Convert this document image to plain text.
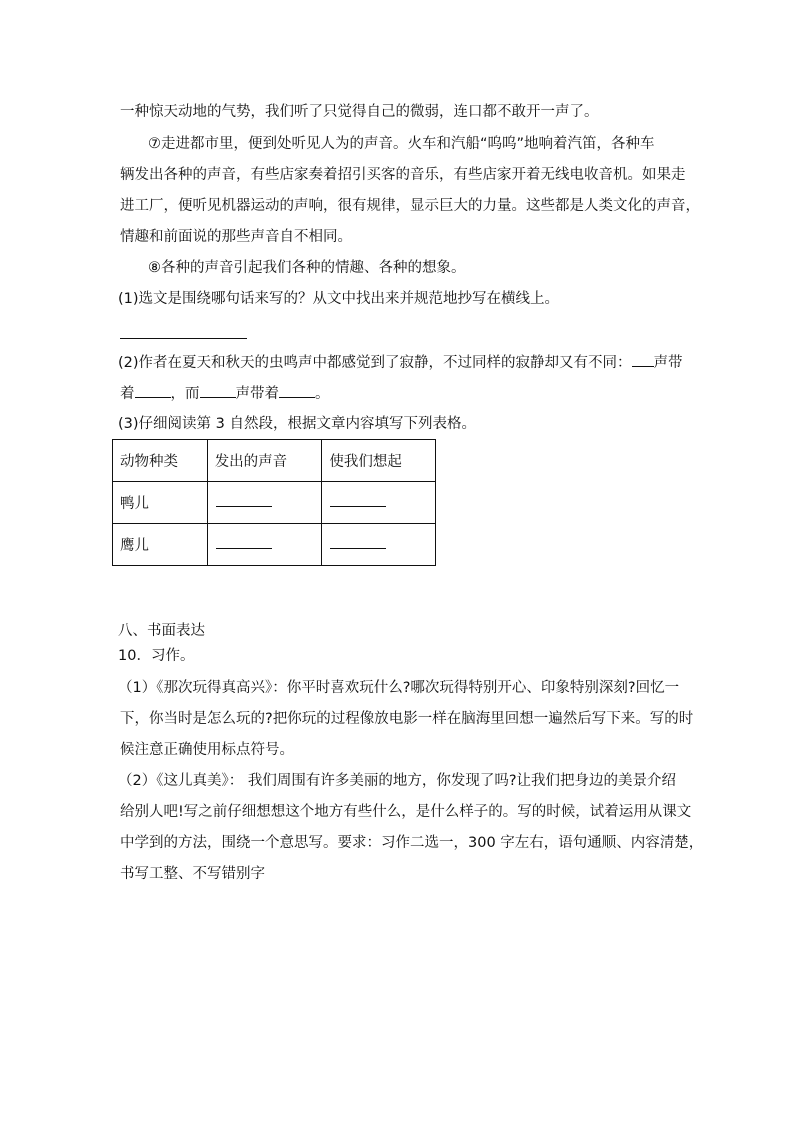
一种惊天动地的气势，我们听了只觉得自己的微弱，连口都不敢开一声了。
⑦走进都市里，便到处听见人为的声音。火车和汽船“呜呜”地响着汽笛，各种车
辆发出各种的声音，有些店家奏着招引买客的音乐，有些店家开着无线电收音机。如果走
进工厂，便听见机器运动的声响，很有规律，显示巨大的力量。这些都是人类文化的声音，
情趣和前面说的那些声音自不相同。
⑧各种的声音引起我们各种的情趣、各种的想象。
(1)选文是围绕哪句话来写的？从文中找出来并规范地抄写在横线上。
(2)作者在夏天和秋天的虫鸣声中都感觉到了寂静，不过同样的寂静却又有不同： 声带
着 ，而 声带着 。
(3)仔细阅读第 3 自然段，根据文章内容填写下列表格。
动物种类	发出的声音	使我们想起
鸭儿		
鹰儿		
八、书面表达
10．习作。
（1）《那次玩得真高兴》：你平时喜欢玩什么?哪次玩得特别开心、印象特别深刻?回忆一
下，你当时是怎么玩的?把你玩的过程像放电影一样在脑海里回想一遍然后写下来。写的时
候注意正确使用标点符号。
（2）《这儿真美》： 我们周围有许多美丽的地方，你发现了吗?让我们把身边的美景介绍
给别人吧!写之前仔细想想这个地方有些什么，是什么样子的。写的时候，试着运用从课文
中学到的方法，围绕一个意思写。要求：习作二选一，300 字左右，语句通顺、内容清楚，
书写工整、不写错别字
